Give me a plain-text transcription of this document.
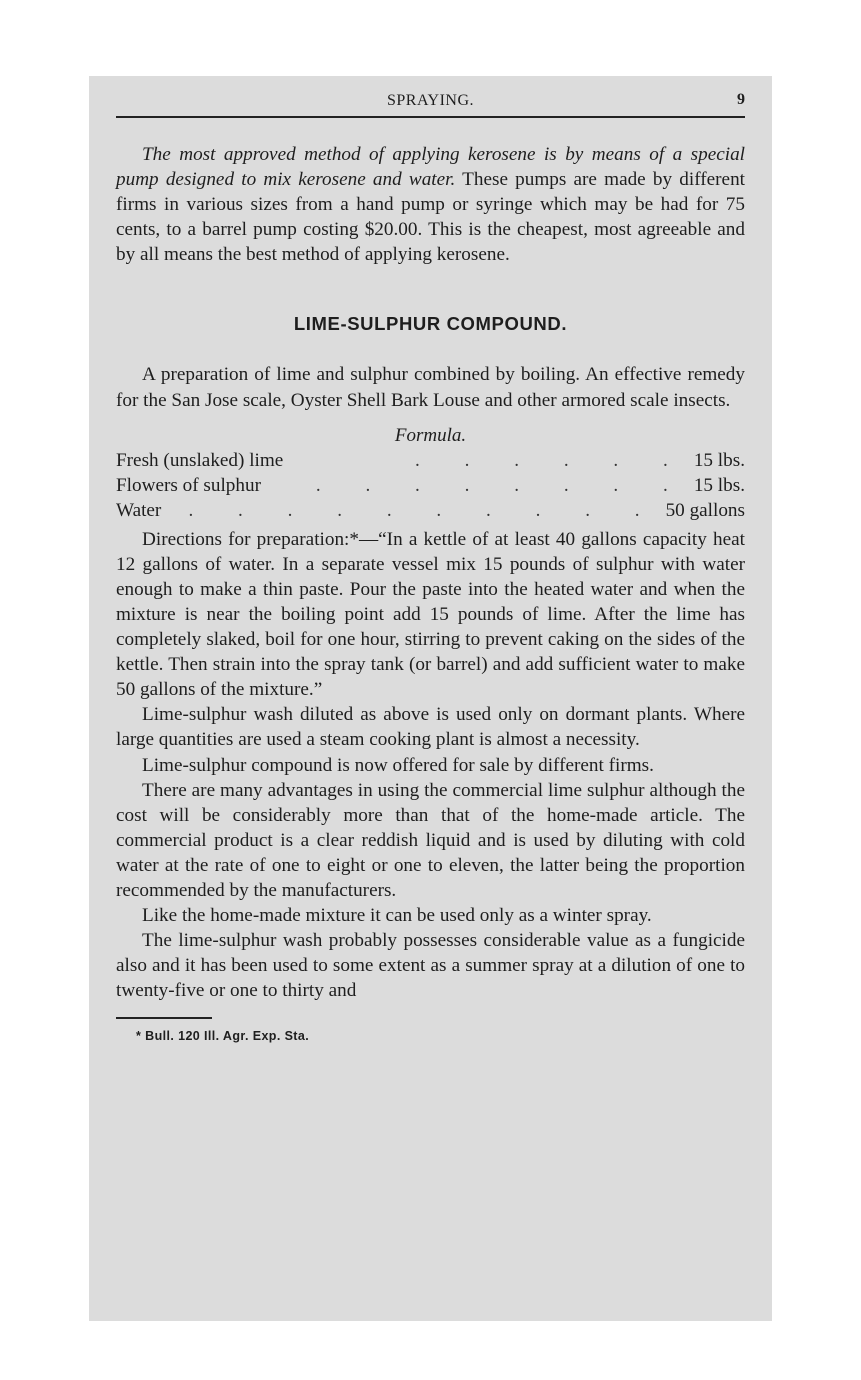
SPRAYING.	9

The most approved method of applying kerosene is by means of a special pump designed to mix kerosene and water. These pumps are made by different firms in various sizes from a hand pump or syringe which may be had for 75 cents, to a barrel pump costing $20.00. This is the cheapest, most agreeable and by all means the best method of applying kerosene.

LIME-SULPHUR COMPOUND.

A preparation of lime and sulphur combined by boiling. An effective remedy for the San Jose scale, Oyster Shell Bark Louse and other armored scale insects.

Formula.

Fresh (unslaked) lime	. . . . . . 15 lbs.
Flowers of sulphur	. . . . . . . . 15 lbs.
Water	. . . . . . . . . . 50 gallons

Directions for preparation:*—“In a kettle of at least 40 gallons capacity heat 12 gallons of water. In a separate vessel mix 15 pounds of sulphur with water enough to make a thin paste. Pour the paste into the heated water and when the mixture is near the boiling point add 15 pounds of lime. After the lime has completely slaked, boil for one hour, stirring to prevent caking on the sides of the kettle. Then strain into the spray tank (or barrel) and add sufficient water to make 50 gallons of the mixture.”

Lime-sulphur wash diluted as above is used only on dormant plants. Where large quantities are used a steam cooking plant is almost a necessity.

Lime-sulphur compound is now offered for sale by different firms.

There are many advantages in using the commercial lime sulphur although the cost will be considerably more than that of the home-made article. The commercial product is a clear reddish liquid and is used by diluting with cold water at the rate of one to eight or one to eleven, the latter being the proportion recommended by the manufacturers.

Like the home-made mixture it can be used only as a winter spray.

The lime-sulphur wash probably possesses considerable value as a fungicide also and it has been used to some extent as a summer spray at a dilution of one to twenty-five or one to thirty and

* Bull. 120 Ill. Agr. Exp. Sta.
